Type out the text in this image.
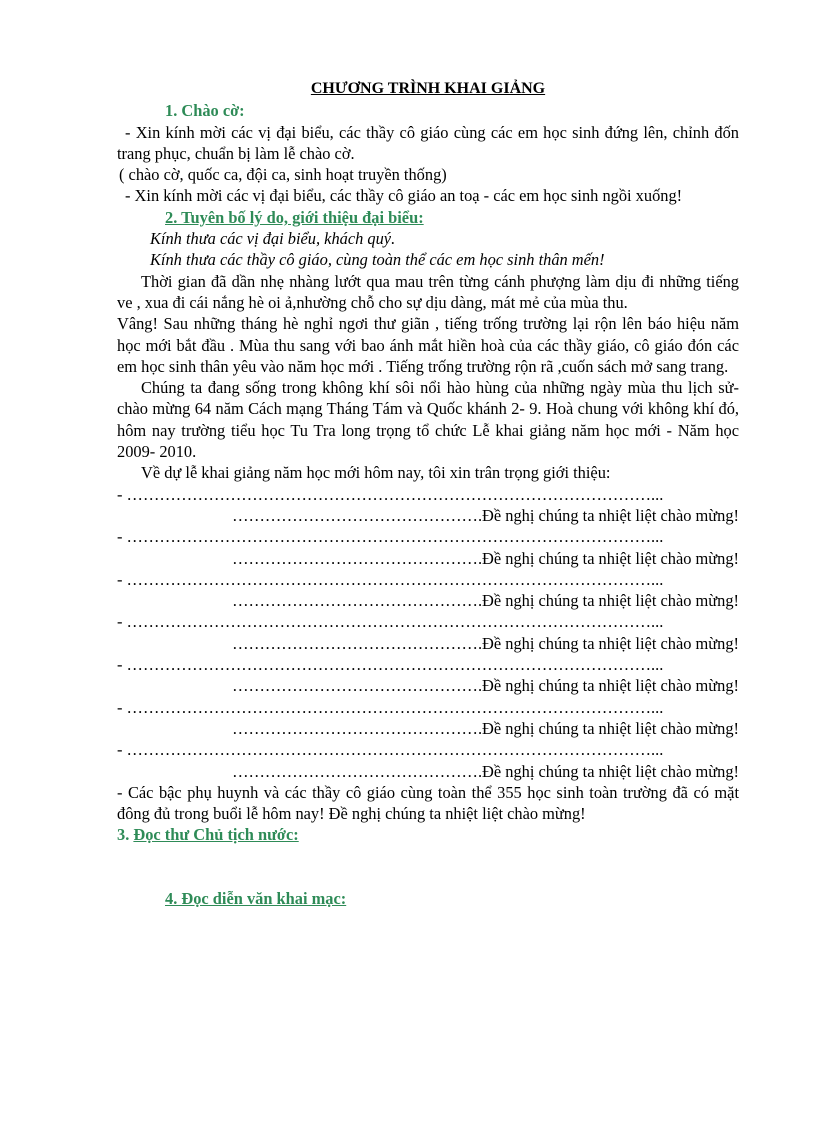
CHƯƠNG TRÌNH KHAI GIẢNG

1. Chào cờ:

- Xin kính mời các vị đại biểu, các thầy cô giáo cùng các em học sinh đứng lên, chỉnh đốn trang phục, chuẩn bị làm lễ chào cờ.

( chào cờ, quốc ca, đội ca, sinh hoạt truyền thống)

- Xin kính mời các vị đại biểu, các thầy cô giáo an toạ - các em học sinh ngồi xuống!

2. Tuyên bố lý do, giới thiệu đại biểu:

Kính thưa các vị đại biểu, khách quý.

Kính thưa các thầy cô giáo, cùng toàn thể các em học sinh thân mến!

Thời gian đã dần nhẹ nhàng lướt qua mau trên từng cánh phượng làm dịu đi những tiếng ve , xua đi cái nắng hè oi ả,nhường chỗ cho sự dịu dàng, mát mẻ của mùa thu.

Vâng! Sau những tháng hè nghỉ ngơi thư giãn , tiếng trống trường lại rộn lên báo hiệu năm học mới bắt đầu . Mùa thu sang với bao ánh mắt hiền hoà của các thầy giáo, cô giáo đón các em học sinh thân yêu vào năm học mới . Tiếng trống trường rộn rã ,cuốn sách mở sang trang.

Chúng ta đang sống trong không khí sôi nổi hào hùng của những ngày mùa thu lịch sử- chào mừng 64 năm Cách mạng Tháng Tám và Quốc khánh 2- 9. Hoà chung với không khí đó, hôm nay trường tiểu học Tu Tra long trọng tổ chức Lễ khai giảng năm học mới - Năm học 2009- 2010.

Về dự lễ khai giảng năm học mới hôm nay, tôi xin trân trọng giới thiệu:

- ……………………………………………………………………………………...

……………………………………….Đề nghị chúng ta nhiệt liệt chào mừng!

- ……………………………………………………………………………………...

……………………………………….Đề nghị chúng ta nhiệt liệt chào mừng!

- ……………………………………………………………………………………...

……………………………………….Đề nghị chúng ta nhiệt liệt chào mừng!

- ……………………………………………………………………………………...

……………………………………….Đề nghị chúng ta nhiệt liệt chào mừng!

- ……………………………………………………………………………………...

……………………………………….Đề nghị chúng ta nhiệt liệt chào mừng!

- ……………………………………………………………………………………...

……………………………………….Đề nghị chúng ta nhiệt liệt chào mừng!

- ……………………………………………………………………………………...

……………………………………….Đề nghị chúng ta nhiệt liệt chào mừng!

- Các bậc phụ huynh và các thầy cô giáo cùng toàn thể 355 học sinh toàn trường đã có mặt đông đủ trong buổi lễ hôm nay! Đề nghị chúng ta nhiệt liệt chào mừng!

3. Đọc thư Chủ tịch nước:

4. Đọc diễn văn khai mạc:
